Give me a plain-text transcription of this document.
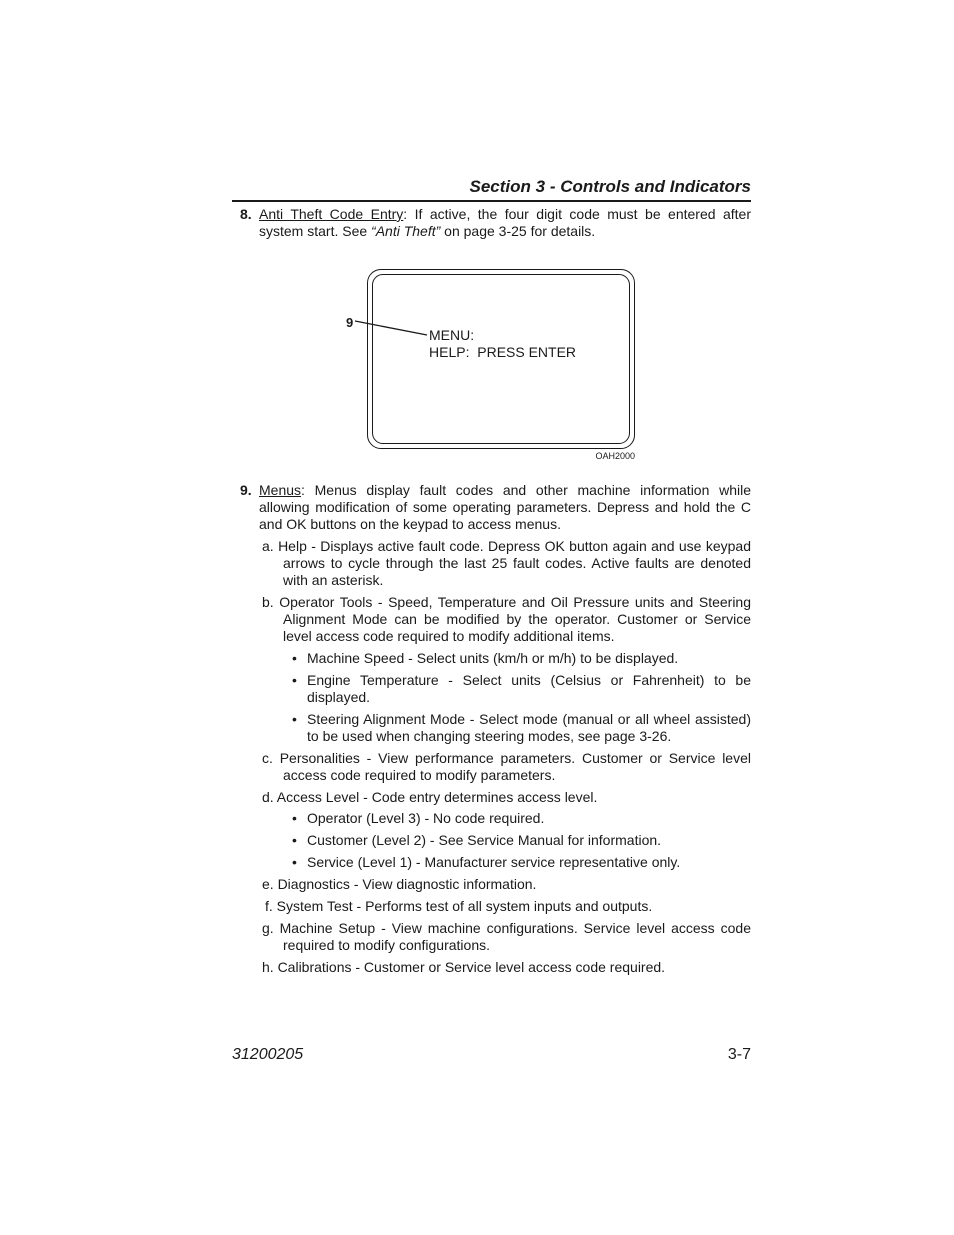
Section 3 - Controls and Indicators
8. Anti Theft Code Entry: If active, the four digit code must be entered after system start. See “Anti Theft” on page 3-25 for details.
9
MENU:
HELP:  PRESS ENTER
OAH2000
9. Menus: Menus display fault codes and other machine information while allowing modification of some operating parameters. Depress and hold the C and OK buttons on the keypad to access menus.
a. Help - Displays active fault code. Depress OK button again and use keypad arrows to cycle through the last 25 fault codes. Active faults are denoted with an asterisk.
b. Operator Tools - Speed, Temperature and Oil Pressure units and Steering Alignment Mode can be modified by the operator. Customer or Service level access code required to modify additional items.
• Machine Speed - Select units (km/h or m/h) to be displayed.
• Engine Temperature - Select units (Celsius or Fahrenheit) to be displayed.
• Steering Alignment Mode - Select mode (manual or all wheel assisted) to be used when changing steering modes, see page 3-26.
c. Personalities - View performance parameters. Customer or Service level access code required to modify parameters.
d. Access Level - Code entry determines access level.
• Operator (Level 3) - No code required.
• Customer (Level 2) - See Service Manual for information.
• Service (Level 1) - Manufacturer service representative only.
e. Diagnostics - View diagnostic information.
f. System Test - Performs test of all system inputs and outputs.
g. Machine Setup - View machine configurations. Service level access code required to modify configurations.
h. Calibrations - Customer or Service level access code required.
31200205	3-7
